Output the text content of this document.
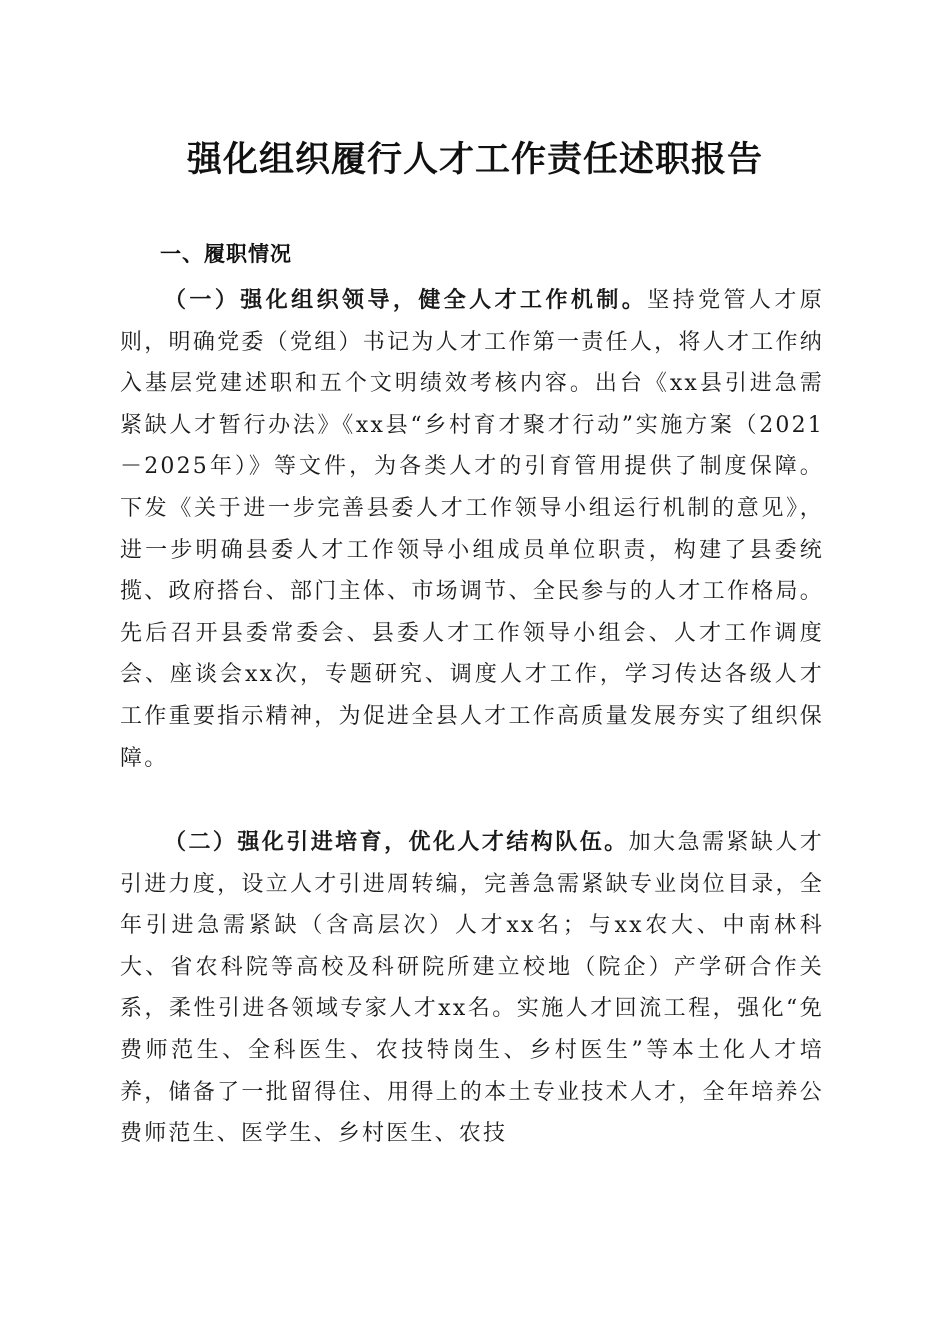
强化组织履行人才工作责任述职报告
一、履职情况

（一）强化组织领导，健全人才工作机制。坚持党管人才原则，明确党委（党组）书记为人才工作第一责任人，将人才工作纳入基层党建述职和五个文明绩效考核内容。出台《xx县引进急需紧缺人才暂行办法》《xx县“乡村育才聚才行动”实施方案（2021－2025年）》等文件，为各类人才的引育管用提供了制度保障。下发《关于进一步完善县委人才工作领导小组运行机制的意见》，进一步明确县委人才工作领导小组成员单位职责，构建了县委统揽、政府搭台、部门主体、市场调节、全民参与的人才工作格局。先后召开县委常委会、县委人才工作领导小组会、人才工作调度会、座谈会xx次，专题研究、调度人才工作，学习传达各级人才工作重要指示精神，为促进全县人才工作高质量发展夯实了组织保障。

（二）强化引进培育，优化人才结构队伍。加大急需紧缺人才引进力度，设立人才引进周转编，完善急需紧缺专业岗位目录，全年引进急需紧缺（含高层次）人才xx名；与xx农大、中南林科大、省农科院等高校及科研院所建立校地（院企）产学研合作关系，柔性引进各领域专家人才xx名。实施人才回流工程，强化“免费师范生、全科医生、农技特岗生、乡村医生”等本土化人才培养，储备了一批留得住、用得上的本土专业技术人才，全年培养公费师范生、医学生、乡村医生、农技
